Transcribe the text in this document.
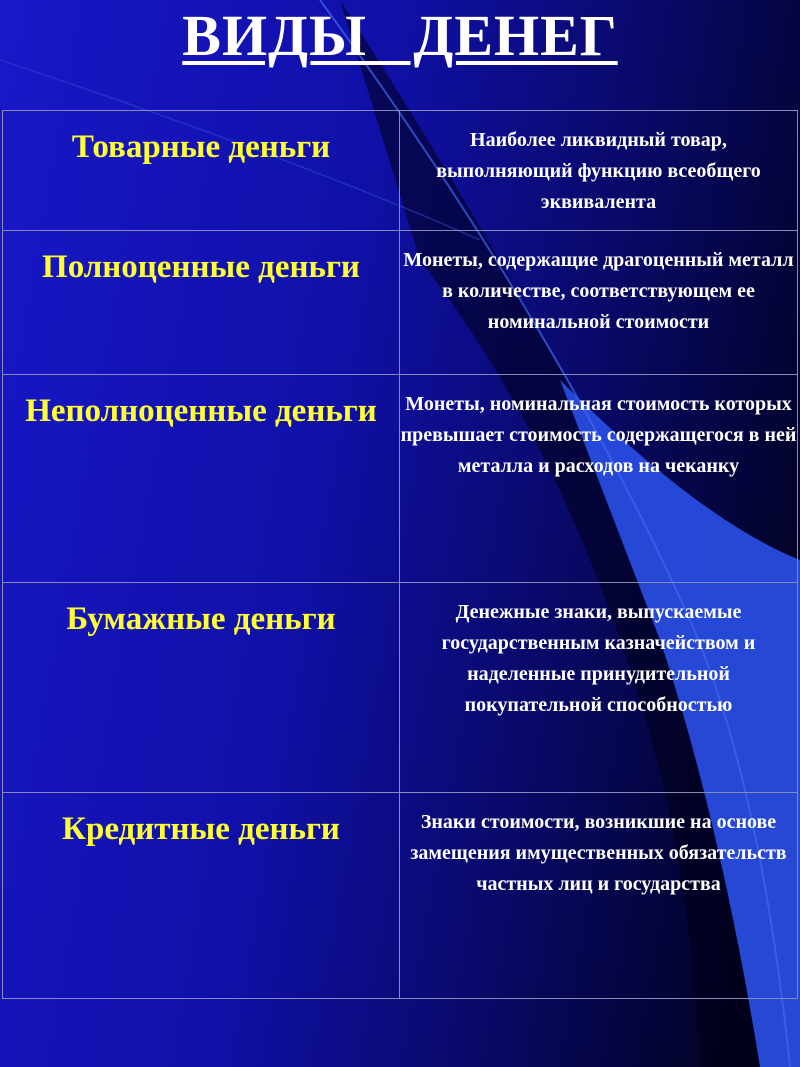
ВИДЫ   ДЕНЕГ
Товарные деньги	Наиболее ликвидный товар, выполняющий функцию всеобщего эквивалента
Полноценные деньги	Монеты, содержащие драгоценный металл в количестве, соответствующем ее номинальной стоимости
Неполноценные деньги	Монеты, номинальная стоимость которых превышает стоимость содержащегося в ней металла и расходов на чеканку
Бумажные деньги	Денежные знаки, выпускаемые государственным казначейством и наделенные принудительной покупательной способностью
Кредитные деньги	Знаки стоимости, возникшие на основе замещения имущественных обязательств частных лиц и государства
